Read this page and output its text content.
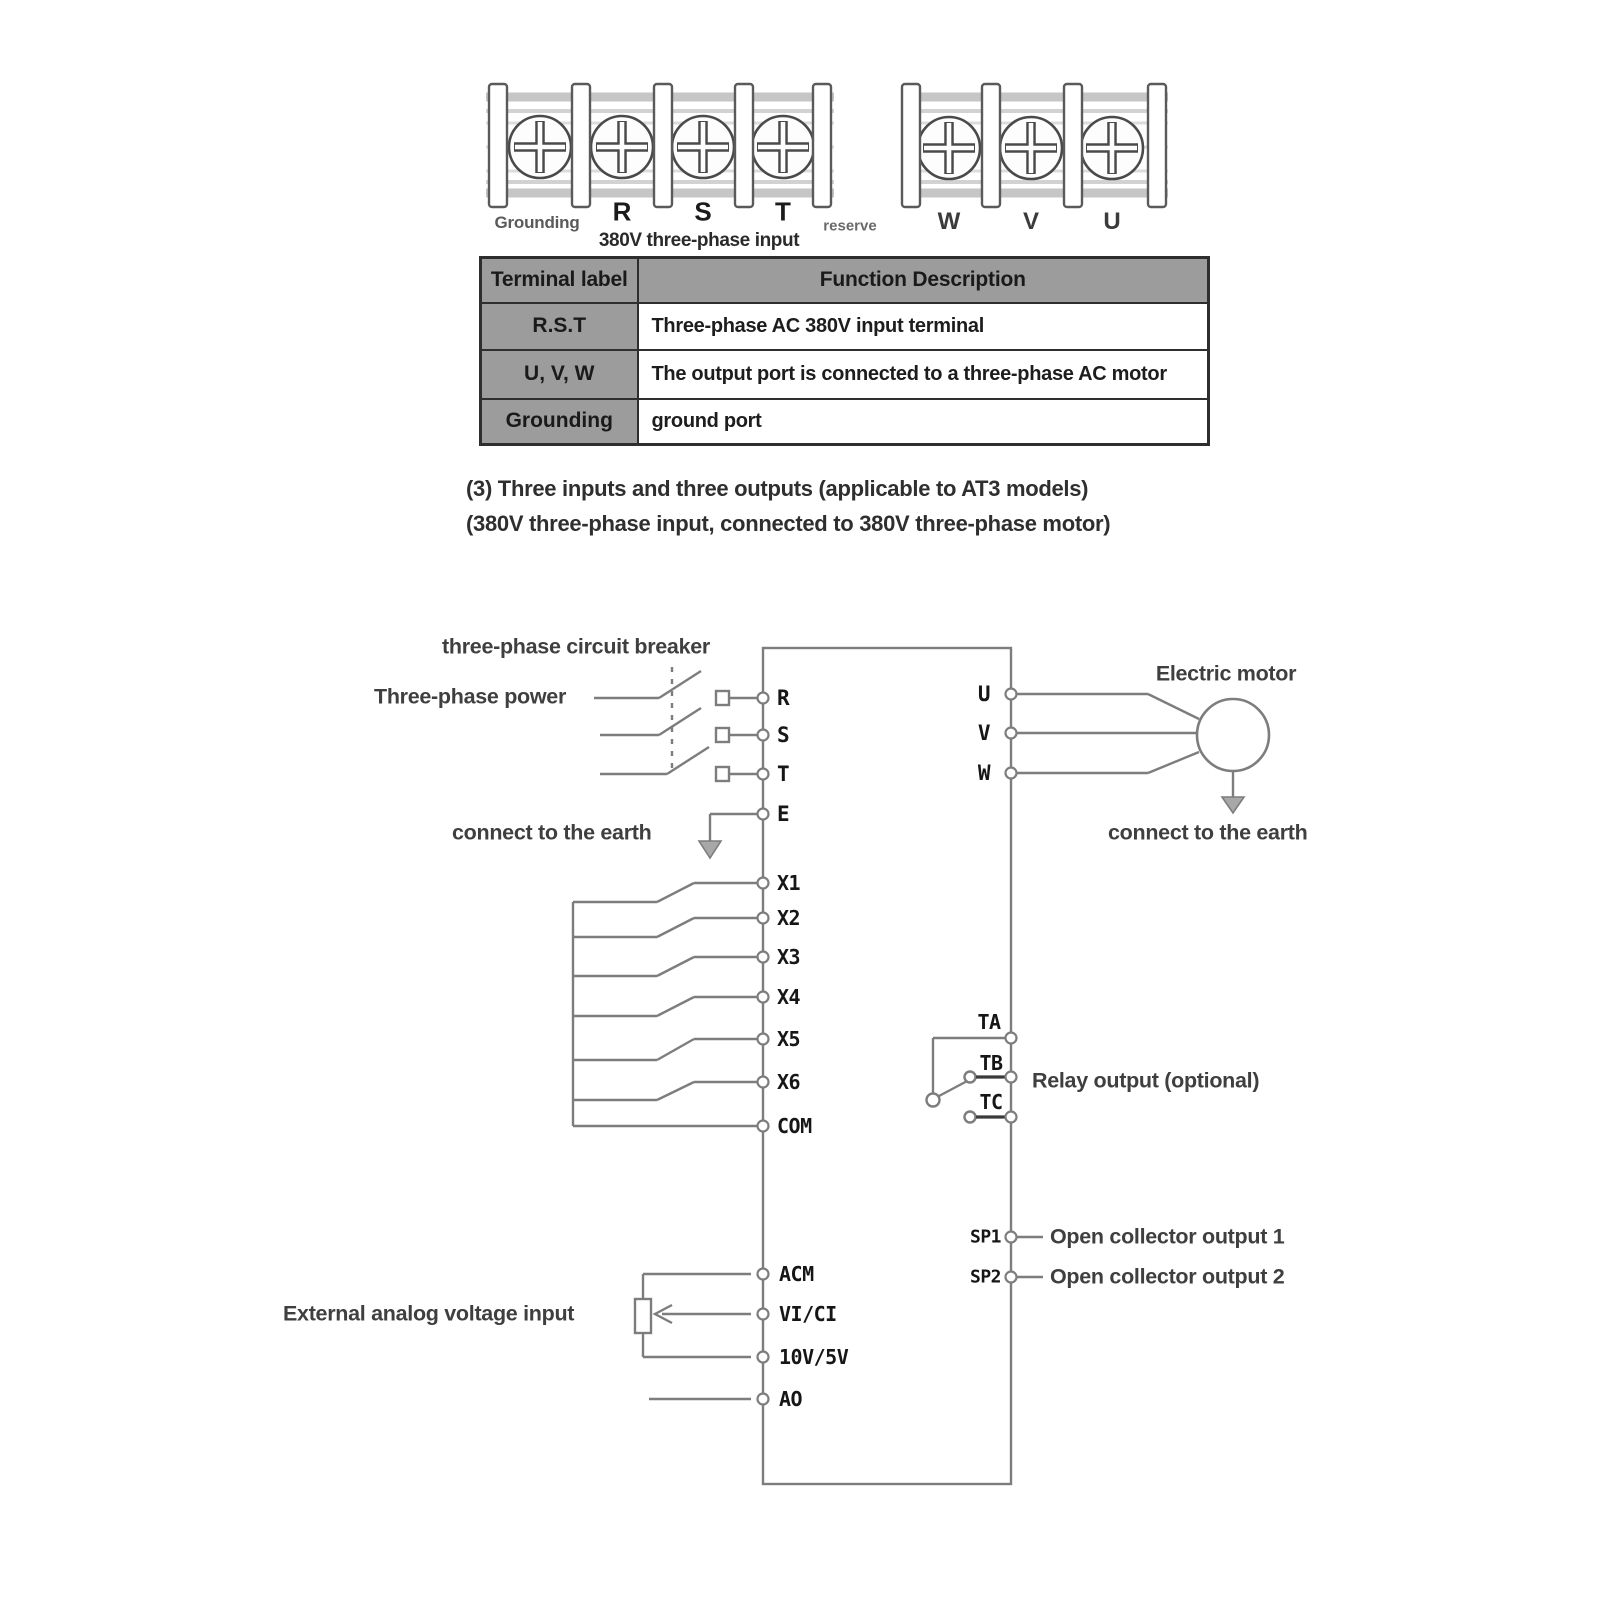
Grounding R S T
380V three-phase input
reserve	W	V	U
Terminal label	Function Description
R.S.T	Three-phase AC 380V input terminal
U, V, W	The output port is connected to a three-phase AC motor
Grounding	ground port
(3) Three inputs and three outputs (applicable to AT3 models)
(380V three-phase input, connected to 380V three-phase motor)
three-phase circuit breaker
Three-phase power
connect to the earth	connect to the earth
Electric motor
Relay output (optional)
Open collector output 1
Open collector output 2
External analog voltage input
R
S
T
E
X1
X2
X3
X4
X5
X6
COM
ACM
VI/CI
10V/5V
AO
U
V
W
TA
TB
TC
SP1
SP2
